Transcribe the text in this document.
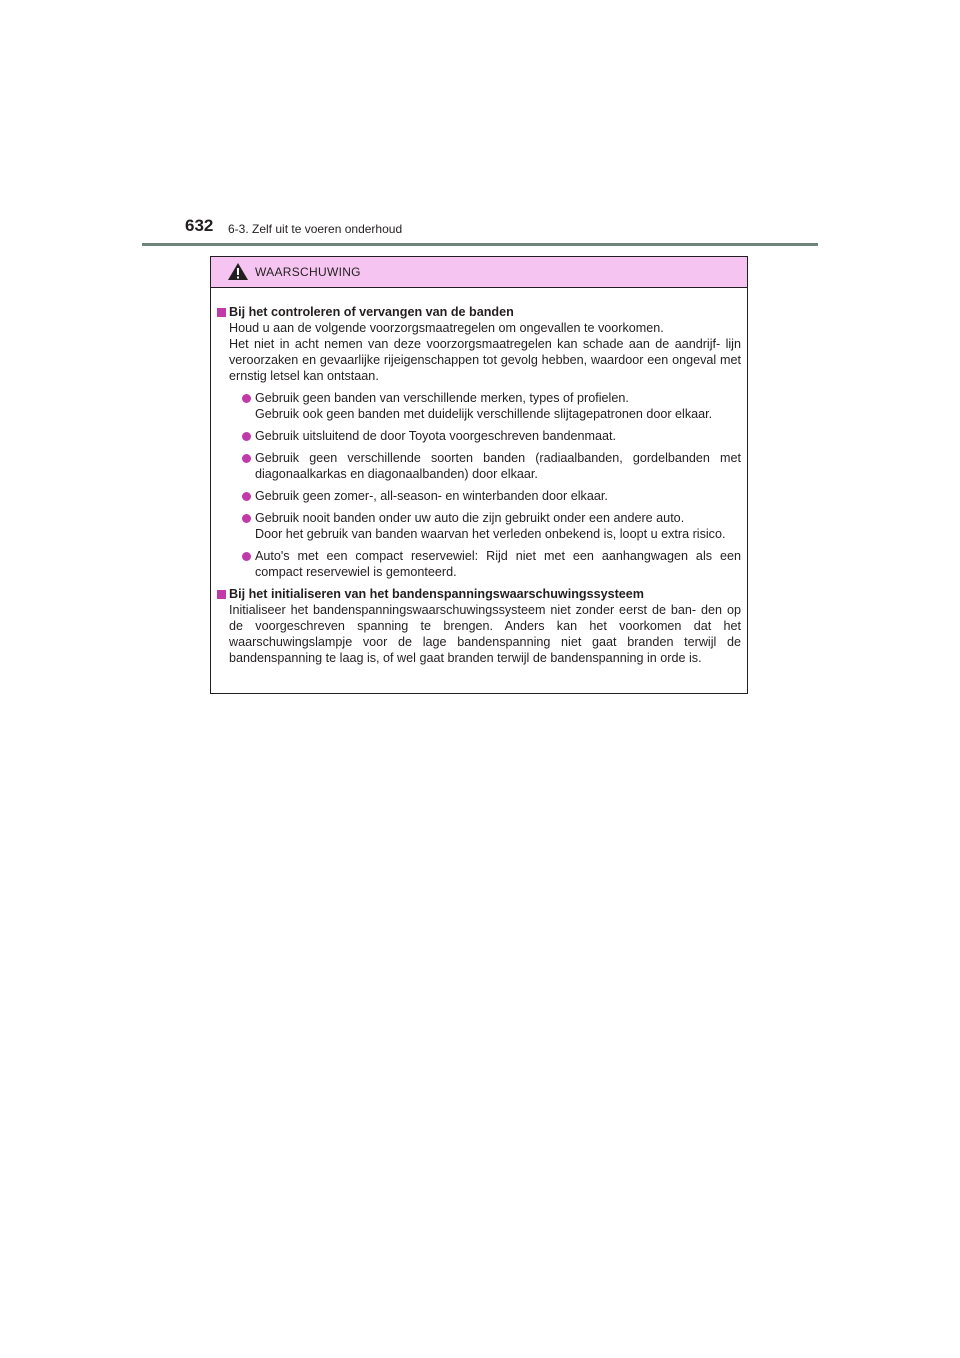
632 6-3. Zelf uit te voeren onderhoud
WAARSCHUWING
Bij het controleren of vervangen van de banden
Houd u aan de volgende voorzorgsmaatregelen om ongevallen te voorkomen.
Het niet in acht nemen van deze voorzorgsmaatregelen kan schade aan de aandrijf- lijn veroorzaken en gevaarlijke rijeigenschappen tot gevolg hebben, waardoor een ongeval met ernstig letsel kan ontstaan.
Gebruik geen banden van verschillende merken, types of profielen.
Gebruik ook geen banden met duidelijk verschillende slijtagepatronen door elkaar.
Gebruik uitsluitend de door Toyota voorgeschreven bandenmaat.
Gebruik geen verschillende soorten banden (radiaalbanden, gordelbanden met diagonaalkarkas en diagonaalbanden) door elkaar.
Gebruik geen zomer-, all-season- en winterbanden door elkaar.
Gebruik nooit banden onder uw auto die zijn gebruikt onder een andere auto.
Door het gebruik van banden waarvan het verleden onbekend is, loopt u extra risico.
Auto's met een compact reservewiel: Rijd niet met een aanhangwagen als een compact reservewiel is gemonteerd.
Bij het initialiseren van het bandenspanningswaarschuwingssysteem
Initialiseer het bandenspanningswaarschuwingssysteem niet zonder eerst de ban- den op de voorgeschreven spanning te brengen. Anders kan het voorkomen dat het waarschuwingslampje voor de lage bandenspanning niet gaat branden terwijl de bandenspanning te laag is, of wel gaat branden terwijl de bandenspanning in orde is.
